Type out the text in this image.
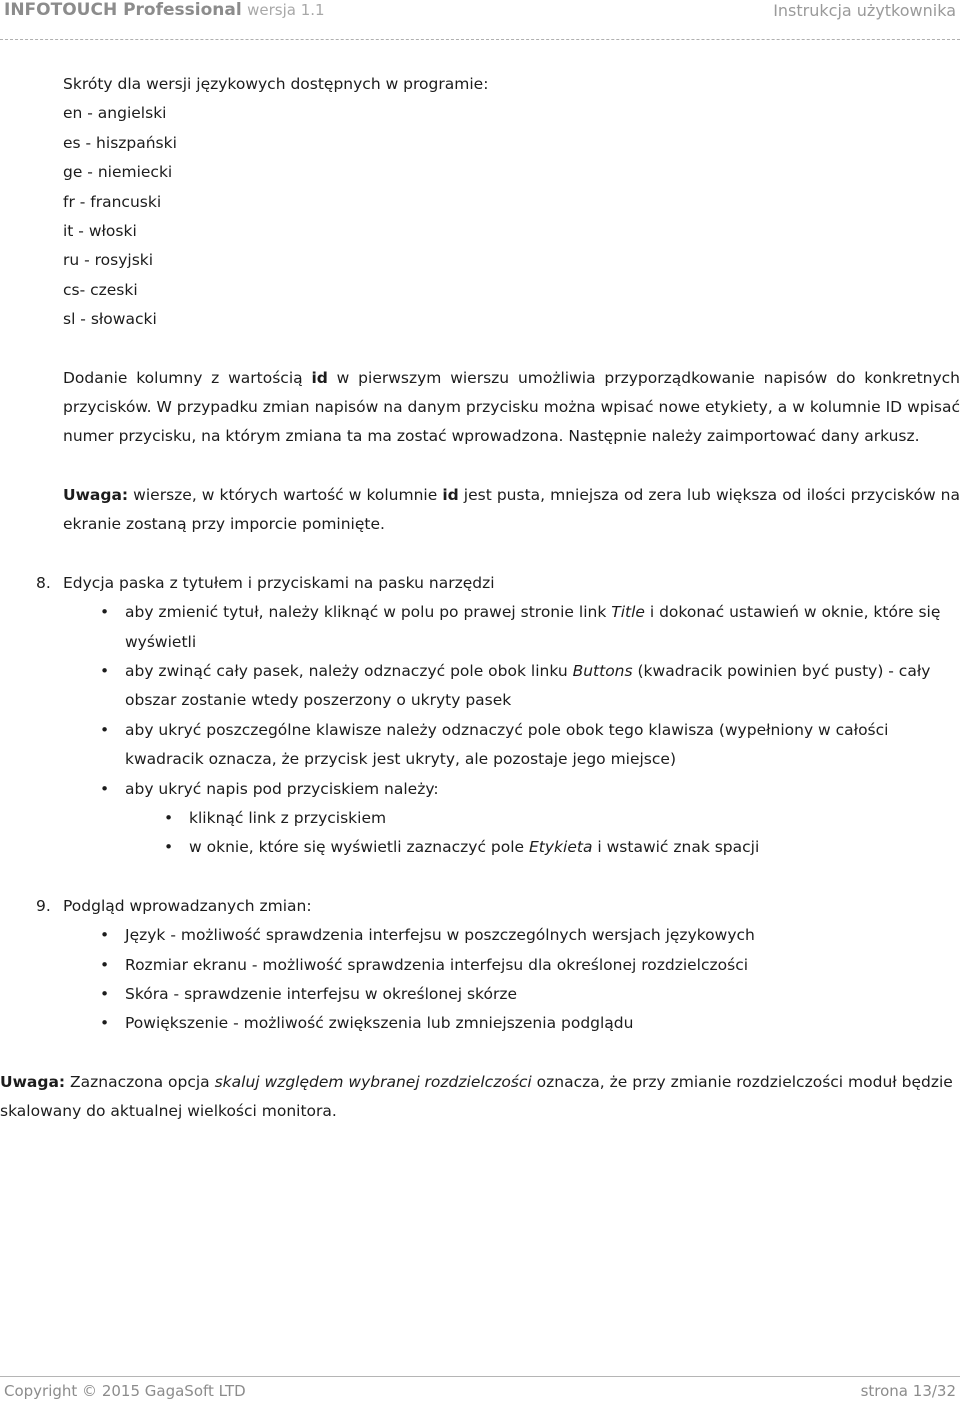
INFOTOUCH Professional wersja 1.1	Instrukcja użytkownika
Skróty dla wersji językowych dostępnych w programie:
en - angielski
es - hiszpański
ge - niemiecki
fr - francuski
it - włoski
ru - rosyjski
cs- czeski
sl - słowacki

Dodanie kolumny z wartością id w pierwszym wierszu umożliwia przyporządkowanie napisów do konkretnych przycisków. W przypadku zmian napisów na danym przycisku można wpisać nowe etykiety, a w kolumnie ID wpisać numer przycisku, na którym zmiana ta ma zostać wprowadzona. Następnie należy zaimportować dany arkusz.

Uwaga: wiersze, w których wartość w kolumnie id jest pusta, mniejsza od zera lub większa od ilości przycisków na ekranie zostaną przy imporcie pominięte.

8. Edycja paska z tytułem i przyciskami na pasku narzędzi
• aby zmienić tytuł, należy kliknąć w polu po prawej stronie link Title i dokonać ustawień w oknie, które się wyświetli
• aby zwinąć cały pasek, należy odznaczyć pole obok linku Buttons (kwadracik powinien być pusty) - cały obszar zostanie wtedy poszerzony o ukryty pasek
• aby ukryć poszczególne klawisze należy odznaczyć pole obok tego klawisza (wypełniony w całości kwadracik oznacza, że przycisk jest ukryty, ale pozostaje jego miejsce)
• aby ukryć napis pod przyciskiem należy:
• kliknąć link z przyciskiem
• w oknie, które się wyświetli zaznaczyć pole Etykieta i wstawić znak spacji
9. Podgląd wprowadzanych zmian:
• Język - możliwość sprawdzenia interfejsu w poszczególnych wersjach językowych
• Rozmiar ekranu - możliwość sprawdzenia interfejsu dla określonej rozdzielczości
• Skóra - sprawdzenie interfejsu w określonej skórze
• Powiększenie - możliwość zwiększenia lub zmniejszenia podglądu

Uwaga: Zaznaczona opcja skaluj względem wybranej rozdzielczości oznacza, że przy zmianie rozdzielczości moduł będzie skalowany do aktualnej wielkości monitora.

Copyright © 2015 GagaSoft LTD	strona 13/32
